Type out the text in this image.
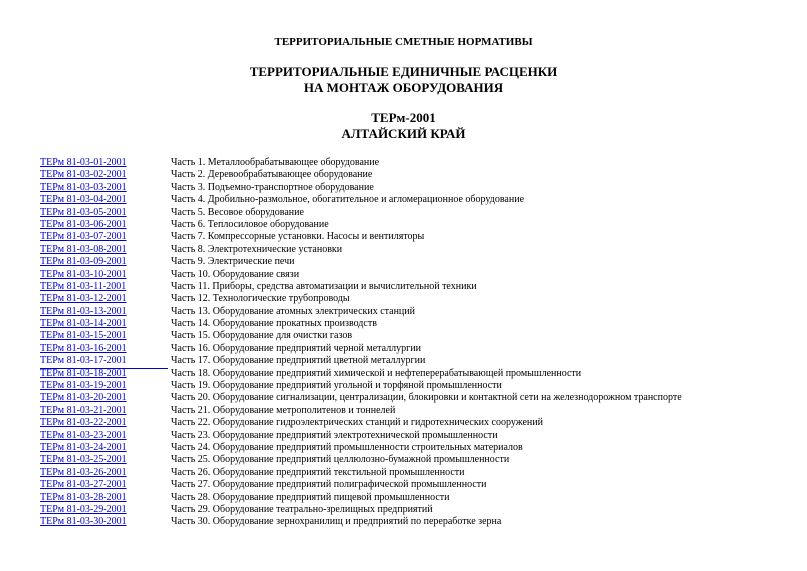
ТЕРРИТОРИАЛЬНЫЕ СМЕТНЫЕ НОРМАТИВЫ
ТЕРРИТОРИАЛЬНЫЕ ЕДИНИЧНЫЕ РАСЦЕНКИ
НА МОНТАЖ ОБОРУДОВАНИЯ
ТЕРм-2001
АЛТАЙСКИЙ КРАЙ
ТЕРм 81-03-01-2001	Часть 1. Металлообрабатывающее оборудование
ТЕРм 81-03-02-2001	Часть 2. Деревообрабатывающее оборудование
ТЕРм 81-03-03-2001	Часть 3. Подъемно-транспортное оборудование
ТЕРм 81-03-04-2001	Часть 4. Дробильно-размольное, обогатительное и агломерационное оборудование
ТЕРм 81-03-05-2001	Часть 5. Весовое оборудование
ТЕРм 81-03-06-2001	Часть 6. Теплосиловое оборудование
ТЕРм 81-03-07-2001	Часть 7. Компрессорные установки. Насосы и вентиляторы
ТЕРм 81-03-08-2001	Часть 8. Электротехнические установки
ТЕРм 81-03-09-2001	Часть 9. Электрические печи
ТЕРм 81-03-10-2001	Часть 10. Оборудование связи
ТЕРм 81-03-11-2001	Часть 11. Приборы, средства автоматизации и вычислительной техники
ТЕРм 81-03-12-2001	Часть 12. Технологические трубопроводы
ТЕРм 81-03-13-2001	Часть 13. Оборудование атомных электрических станций
ТЕРм 81-03-14-2001	Часть 14. Оборудование прокатных производств
ТЕРм 81-03-15-2001	Часть 15. Оборудование для очистки газов
ТЕРм 81-03-16-2001	Часть 16. Оборудование предприятий черной металлургии
ТЕРм 81-03-17-2001	Часть 17. Оборудование предприятий цветной металлургии
ТЕРм 81-03-18-2001	Часть 18. Оборудование предприятий химической и нефтеперерабатывающей промышленности
ТЕРм 81-03-19-2001	Часть 19. Оборудование предприятий угольной и торфяной промышленности
ТЕРм 81-03-20-2001	Часть 20. Оборудование сигнализации, централизации, блокировки и контактной сети на железнодорожном транспорте
ТЕРм 81-03-21-2001	Часть 21. Оборудование метрополитенов и тоннелей
ТЕРм 81-03-22-2001	Часть 22. Оборудование гидроэлектрических станций и гидротехнических сооружений
ТЕРм 81-03-23-2001	Часть 23. Оборудование предприятий электротехнической промышленности
ТЕРм 81-03-24-2001	Часть 24. Оборудование предприятий промышленности строительных материалов
ТЕРм 81-03-25-2001	Часть 25. Оборудование предприятий целлюлозно-бумажной промышленности
ТЕРм 81-03-26-2001	Часть 26. Оборудование предприятий текстильной промышленности
ТЕРм 81-03-27-2001	Часть 27. Оборудование предприятий полиграфической промышленности
ТЕРм 81-03-28-2001	Часть 28. Оборудование предприятий пищевой промышленности
ТЕРм 81-03-29-2001	Часть 29. Оборудование театрально-зрелищных предприятий
ТЕРм 81-03-30-2001	Часть 30. Оборудование зернохранилищ и предприятий по переработке зерна
